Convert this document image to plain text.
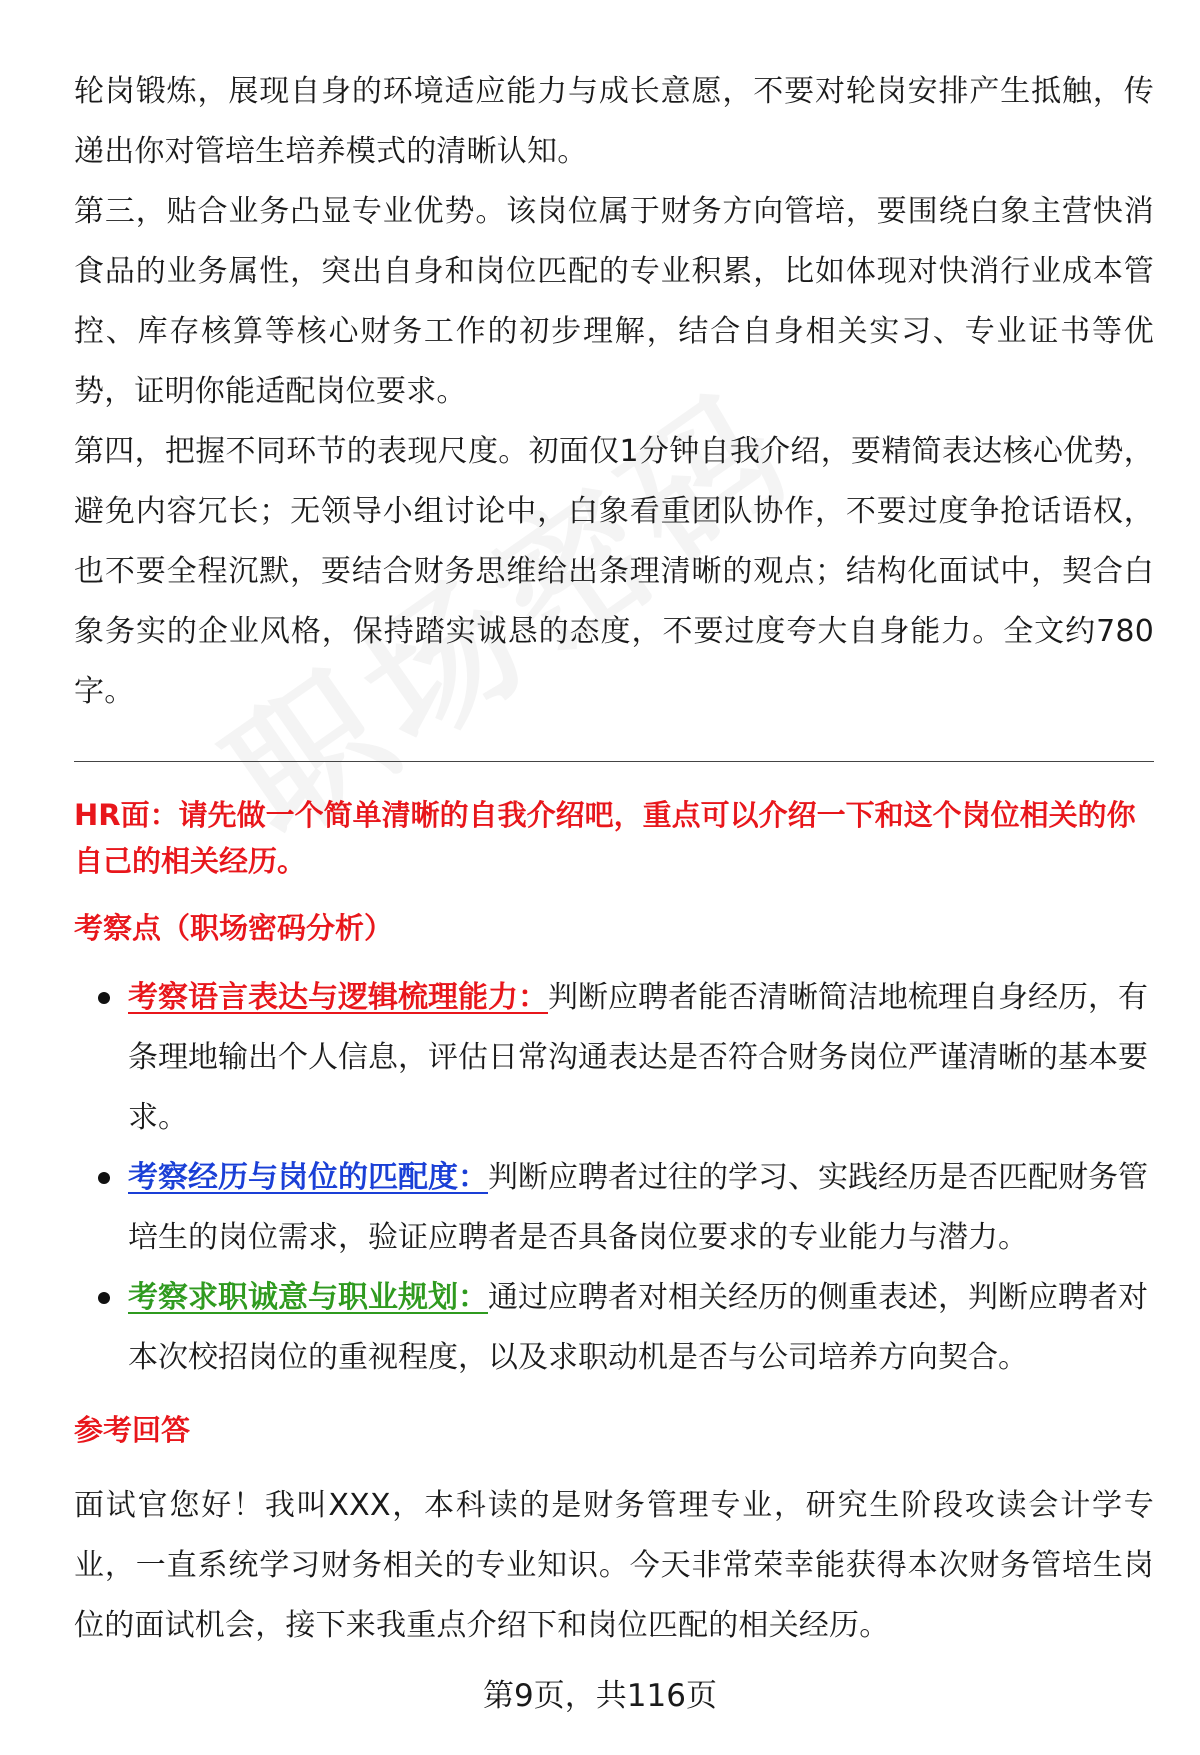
轮岗锻炼，展现自身的环境适应能力与成长意愿，不要对轮岗安排产生抵触，传递出你对管培生培养模式的清晰认知。

第三，贴合业务凸显专业优势。该岗位属于财务方向管培，要围绕白象主营快消食品的业务属性，突出自身和岗位匹配的专业积累，比如体现对快消行业成本管控、库存核算等核心财务工作的初步理解，结合自身相关实习、专业证书等优势，证明你能适配岗位要求。

第四，把握不同环节的表现尺度。初面仅1分钟自我介绍，要精简表达核心优势，避免内容冗长；无领导小组讨论中，白象看重团队协作，不要过度争抢话语权，也不要全程沉默，要结合财务思维给出条理清晰的观点；结构化面试中，契合白象务实的企业风格，保持踏实诚恳的态度，不要过度夸大自身能力。全文约780字。

HR面：请先做一个简单清晰的自我介绍吧，重点可以介绍一下和这个岗位相关的你自己的相关经历。

考察点（职场密码分析）

考察语言表达与逻辑梳理能力：判断应聘者能否清晰简洁地梳理自身经历，有条理地输出个人信息，评估日常沟通表达是否符合财务岗位严谨清晰的基本要求。
考察经历与岗位的匹配度：判断应聘者过往的学习、实践经历是否匹配财务管培生的岗位需求，验证应聘者是否具备岗位要求的专业能力与潜力。
考察求职诚意与职业规划：通过应聘者对相关经历的侧重表述，判断应聘者对本次校招岗位的重视程度，以及求职动机是否与公司培养方向契合。

参考回答

面试官您好！我叫XXX，本科读的是财务管理专业，研究生阶段攻读会计学专业，一直系统学习财务相关的专业知识。今天非常荣幸能获得本次财务管培生岗位的面试机会，接下来我重点介绍下和岗位匹配的相关经历。

第9页，共116页
